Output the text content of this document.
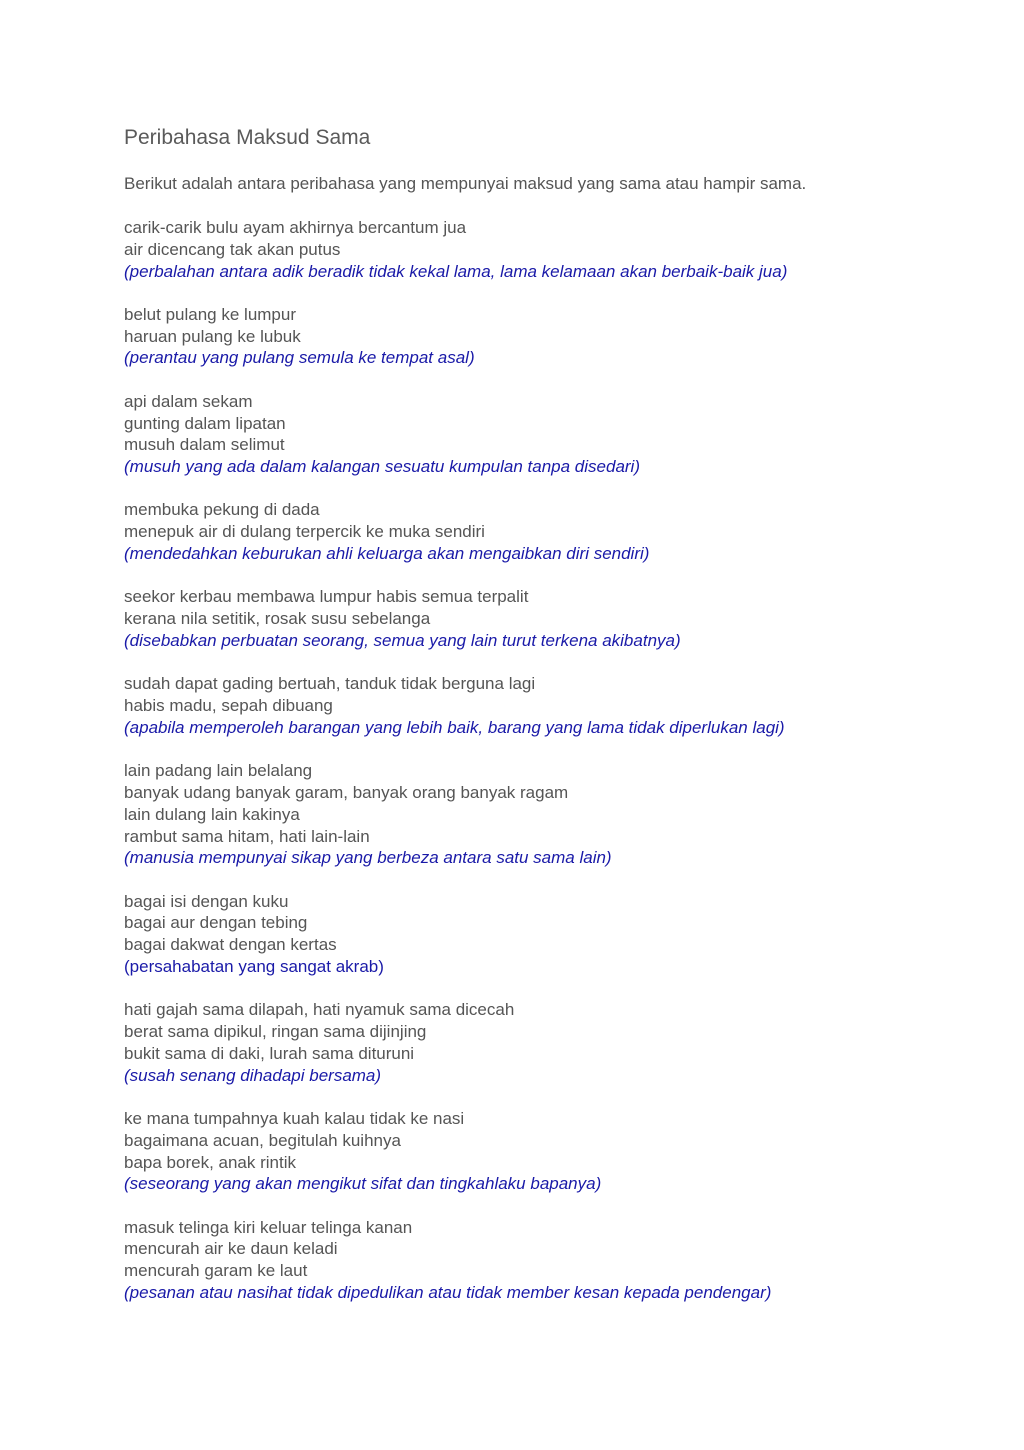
Peribahasa Maksud Sama

Berikut adalah antara peribahasa yang mempunyai maksud yang sama atau hampir sama.

carik-carik bulu ayam akhirnya bercantum jua
air dicencang tak akan putus
(perbalahan antara adik beradik tidak kekal lama, lama kelamaan akan berbaik-baik jua)
belut pulang ke lumpur
haruan pulang ke lubuk
(perantau yang pulang semula ke tempat asal)
api dalam sekam
gunting dalam lipatan
musuh dalam selimut
(musuh yang ada dalam kalangan sesuatu kumpulan tanpa disedari)
membuka pekung di dada
menepuk air di dulang terpercik ke muka sendiri
(mendedahkan keburukan ahli keluarga akan mengaibkan diri sendiri)
seekor kerbau membawa lumpur habis semua terpalit
kerana nila setitik, rosak susu sebelanga
(disebabkan perbuatan seorang, semua yang lain turut terkena akibatnya)
sudah dapat gading bertuah, tanduk tidak berguna lagi
habis madu, sepah dibuang
(apabila memperoleh barangan yang lebih baik, barang yang lama tidak diperlukan lagi)
lain padang lain belalang
banyak udang banyak garam, banyak orang banyak ragam
lain dulang lain kakinya
rambut sama hitam, hati lain-lain
(manusia mempunyai sikap yang berbeza antara satu sama lain)
bagai isi dengan kuku
bagai aur dengan tebing
bagai dakwat dengan kertas
(persahabatan yang sangat akrab)
hati gajah sama dilapah, hati nyamuk sama dicecah
berat sama dipikul, ringan sama dijinjing
bukit sama di daki, lurah sama dituruni
(susah senang dihadapi bersama)
ke mana tumpahnya kuah kalau tidak ke nasi
bagaimana acuan, begitulah kuihnya
bapa borek, anak rintik
(seseorang yang akan mengikut sifat dan tingkahlaku bapanya)
masuk telinga kiri keluar telinga kanan
mencurah air ke daun keladi
mencurah garam ke laut
(pesanan atau nasihat tidak dipedulikan atau tidak member kesan kepada pendengar)
